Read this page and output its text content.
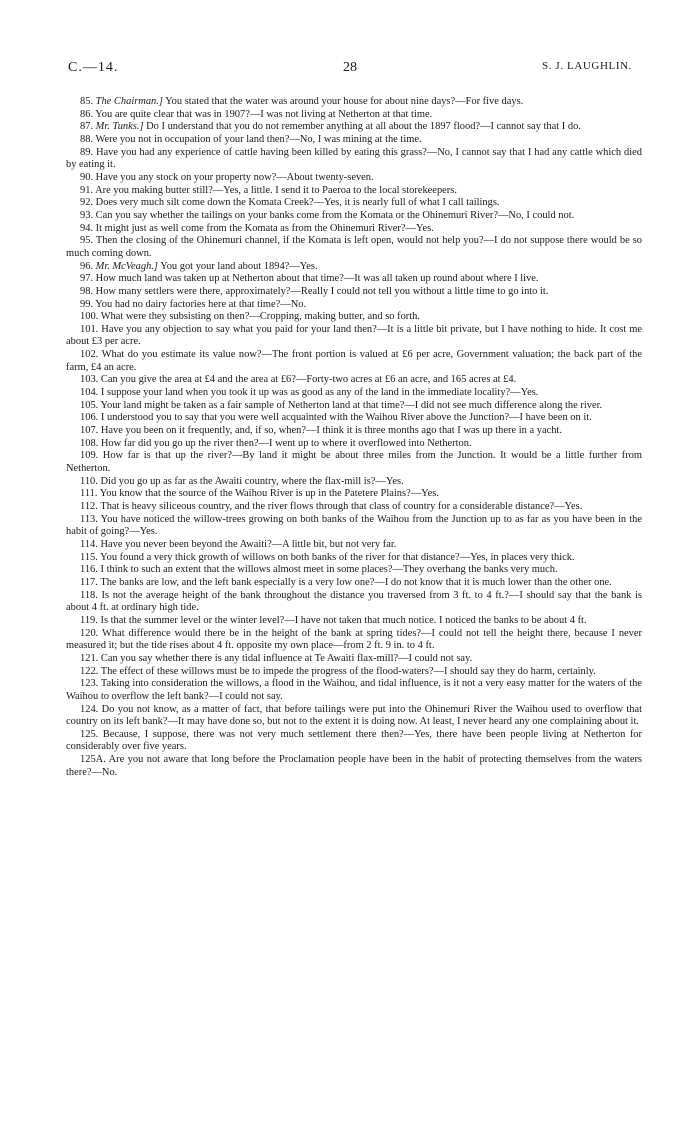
C.—14.	28	S. J. LAUGHLIN.

85. The Chairman.] You stated that the water was around your house for about nine days?—For five days.

86. You are quite clear that was in 1907?—I was not living at Netherton at that time.

87. Mr. Tunks.] Do I understand that you do not remember anything at all about the 1897 flood?—I cannot say that I do.

88. Were you not in occupation of your land then?—No, I was mining at the time.

89. Have you had any experience of cattle having been killed by eating this grass?—No, I cannot say that I had any cattle which died by eating it.

90. Have you any stock on your property now?—About twenty-seven.

91. Are you making butter still?—Yes, a little. I send it to Paeroa to the local storekeepers.

92. Does very much silt come down the Komata Creek?—Yes, it is nearly full of what I call tailings.

93. Can you say whether the tailings on your banks come from the Komata or the Ohinemuri River?—No, I could not.

94. It might just as well come from the Komata as from the Ohinemuri River?—Yes.

95. Then the closing of the Ohinemuri channel, if the Komata is left open, would not help you?—I do not suppose there would be so much coming down.

96. Mr. McVeagh.] You got your land about 1894?—Yes.

97. How much land was taken up at Netherton about that time?—It was all taken up round about where I live.

98. How many settlers were there, approximately?—Really I could not tell you without a little time to go into it.

99. You had no dairy factories here at that time?—No.

100. What were they subsisting on then?—Cropping, making butter, and so forth.

101. Have you any objection to say what you paid for your land then?—It is a little bit private, but I have nothing to hide. It cost me about £3 per acre.

102. What do you estimate its value now?—The front portion is valued at £6 per acre, Government valuation; the back part of the farm, £4 an acre.

103. Can you give the area at £4 and the area at £6?—Forty-two acres at £6 an acre, and 165 acres at £4.

104. I suppose your land when you took it up was as good as any of the land in the immediate locality?—Yes.

105. Your land might be taken as a fair sample of Netherton land at that time?—I did not see much difference along the river.

106. I understood you to say that you were well acquainted with the Waihou River above the Junction?—I have been on it.

107. Have you been on it frequently, and, if so, when?—I think it is three months ago that I was up there in a yacht.

108. How far did you go up the river then?—I went up to where it overflowed into Netherton.

109. How far is that up the river?—By land it might be about three miles from the Junction. It would be a little further from Netherton.

110. Did you go up as far as the Awaiti country, where the flax-mill is?—Yes.

111. You know that the source of the Waihou River is up in the Patetere Plains?—Yes.

112. That is heavy siliceous country, and the river flows through that class of country for a considerable distance?—Yes.

113. You have noticed the willow-trees growing on both banks of the Waihou from the Junction up to as far as you have been in the habit of going?—Yes.

114. Have you never been beyond the Awaiti?—A little bit, but not very far.

115. You found a very thick growth of willows on both banks of the river for that distance?—Yes, in places very thick.

116. I think to such an extent that the willows almost meet in some places?—They overhang the banks very much.

117. The banks are low, and the left bank especially is a very low one?—I do not know that it is much lower than the other one.

118. Is not the average height of the bank throughout the distance you traversed from 3 ft. to 4 ft.?—I should say that the bank is about 4 ft. at ordinary high tide.

119. Is that the summer level or the winter level?—I have not taken that much notice. I noticed the banks to be about 4 ft.

120. What difference would there be in the height of the bank at spring tides?—I could not tell the height there, because I never measured it; but the tide rises about 4 ft. opposite my own place—from 2 ft. 9 in. to 4 ft.

121. Can you say whether there is any tidal influence at Te Awaiti flax-mill?—I could not say.

122. The effect of these willows must be to impede the progress of the flood-waters?—I should say they do harm, certainly.

123. Taking into consideration the willows, a flood in the Waihou, and tidal influence, is it not a very easy matter for the waters of the Waihou to overflow the left bank?—I could not say.

124. Do you not know, as a matter of fact, that before tailings were put into the Ohinemuri River the Waihou used to overflow that country on its left bank?—It may have done so, but not to the extent it is doing now. At least, I never heard any one complaining about it.

125. Because, I suppose, there was not very much settlement there then?—Yes, there have been people living at Netherton for considerably over five years.

125A. Are you not aware that long before the Proclamation people have been in the habit of protecting themselves from the waters there?—No.
